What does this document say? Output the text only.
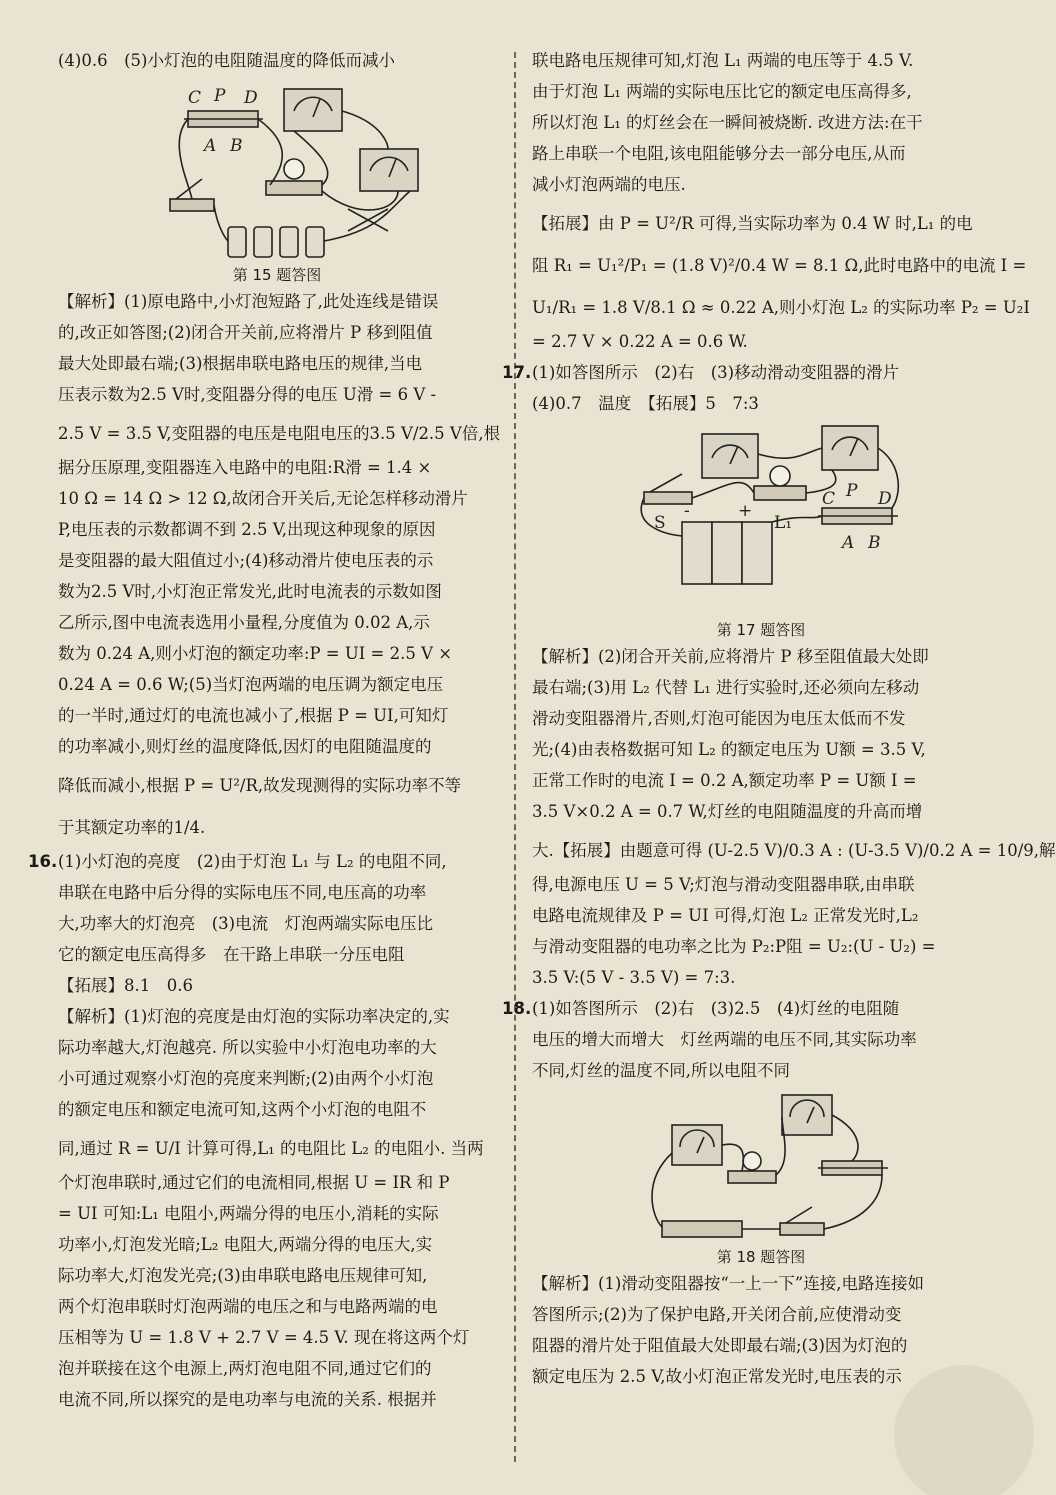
(4)0.6　(5)小灯泡的电阻随温度的降低而减小
C P D
A B
第 15 题答图
【解析】(1)原电路中,小灯泡短路了,此处连线是错误
的,改正如答图;(2)闭合开关前,应将滑片 P 移到阻值
最大处即最右端;(3)根据串联电路电压的规律,当电
压表示数为2.5 V时,变阻器分得的电压 U滑 = 6 V -
2.5 V = 3.5 V,变阻器的电压是电阻电压的3.5 V/2.5 V倍,根
据分压原理,变阻器连入电路中的电阻:R滑 = 1.4 ×
10 Ω = 14 Ω > 12 Ω,故闭合开关后,无论怎样移动滑片
P,电压表的示数都调不到 2.5 V,出现这种现象的原因
是变阻器的最大阻值过小;(4)移动滑片使电压表的示
数为2.5 V时,小灯泡正常发光,此时电流表的示数如图
乙所示,图中电流表选用小量程,分度值为 0.02 A,示
数为 0.24 A,则小灯泡的额定功率:P = UI = 2.5 V ×
0.24 A = 0.6 W;(5)当灯泡两端的电压调为额定电压
的一半时,通过灯的电流也减小了,根据 P = UI,可知灯
的功率减小,则灯丝的温度降低,因灯的电阻随温度的
降低而减小,根据 P = U²/R,故发现测得的实际功率不等
于其额定功率的1/4.
16.(1)小灯泡的亮度　(2)由于灯泡 L₁ 与 L₂ 的电阻不同,
串联在电路中后分得的实际电压不同,电压高的功率
大,功率大的灯泡亮　(3)电流　灯泡两端实际电压比
它的额定电压高得多　在干路上串联一分压电阻
【拓展】8.1　0.6
【解析】(1)灯泡的亮度是由灯泡的实际功率决定的,实
际功率越大,灯泡越亮. 所以实验中小灯泡电功率的大
小可通过观察小灯泡的亮度来判断;(2)由两个小灯泡
的额定电压和额定电流可知,这两个小灯泡的电阻不
同,通过 R = U/I 计算可得,L₁ 的电阻比 L₂ 的电阻小. 当两
个灯泡串联时,通过它们的电流相同,根据 U = IR 和 P
= UI 可知:L₁ 电阻小,两端分得的电压小,消耗的实际
功率小,灯泡发光暗;L₂ 电阻大,两端分得的电压大,实
际功率大,灯泡发光亮;(3)由串联电路电压规律可知,
两个灯泡串联时灯泡两端的电压之和与电路两端的电
压相等为 U = 1.8 V + 2.7 V = 4.5 V. 现在将这两个灯
泡并联接在这个电源上,两灯泡电阻不同,通过它们的
电流不同,所以探究的是电功率与电流的关系. 根据并
联电路电压规律可知,灯泡 L₁ 两端的电压等于 4.5 V.
由于灯泡 L₁ 两端的实际电压比它的额定电压高得多,
所以灯泡 L₁ 的灯丝会在一瞬间被烧断. 改进方法:在干
路上串联一个电阻,该电阻能够分去一部分电压,从而
减小灯泡两端的电压.
【拓展】由 P = U²/R 可得,当实际功率为 0.4 W 时,L₁ 的电
阻 R₁ = U₁²/P₁ = (1.8 V)²/0.4 W = 8.1 Ω,此时电路中的电流 I =
U₁/R₁ = 1.8 V/8.1 Ω ≈ 0.22 A,则小灯泡 L₂ 的实际功率 P₂ = U₂I
= 2.7 V × 0.22 A = 0.6 W.
17.(1)如答图所示　(2)右　(3)移动滑动变阻器的滑片
(4)0.7　温度　【拓展】5　7:3
C P D
A B
S	L₁
-	+
第 17 题答图
【解析】(2)闭合开关前,应将滑片 P 移至阻值最大处即
最右端;(3)用 L₂ 代替 L₁ 进行实验时,还必须向左移动
滑动变阻器滑片,否则,灯泡可能因为电压太低而不发
光;(4)由表格数据可知 L₂ 的额定电压为 U额 = 3.5 V,
正常工作时的电流 I = 0.2 A,额定功率 P = U额 I =
3.5 V×0.2 A = 0.7 W,灯丝的电阻随温度的升高而增
大.【拓展】由题意可得 (U-2.5 V)/0.3 A : (U-3.5 V)/0.2 A = 10/9,解
得,电源电压 U = 5 V;灯泡与滑动变阻器串联,由串联
电路电流规律及 P = UI 可得,灯泡 L₂ 正常发光时,L₂
与滑动变阻器的电功率之比为 P₂:P阻 = U₂:(U - U₂) =
3.5 V:(5 V - 3.5 V) = 7:3.
18.(1)如答图所示　(2)右　(3)2.5　(4)灯丝的电阻随
电压的增大而增大　灯丝两端的电压不同,其实际功率
不同,灯丝的温度不同,所以电阻不同
第 18 题答图
【解析】(1)滑动变阻器按“一上一下”连接,电路连接如
答图所示;(2)为了保护电路,开关闭合前,应使滑动变
阻器的滑片处于阻值最大处即最右端;(3)因为灯泡的
额定电压为 2.5 V,故小灯泡正常发光时,电压表的示
